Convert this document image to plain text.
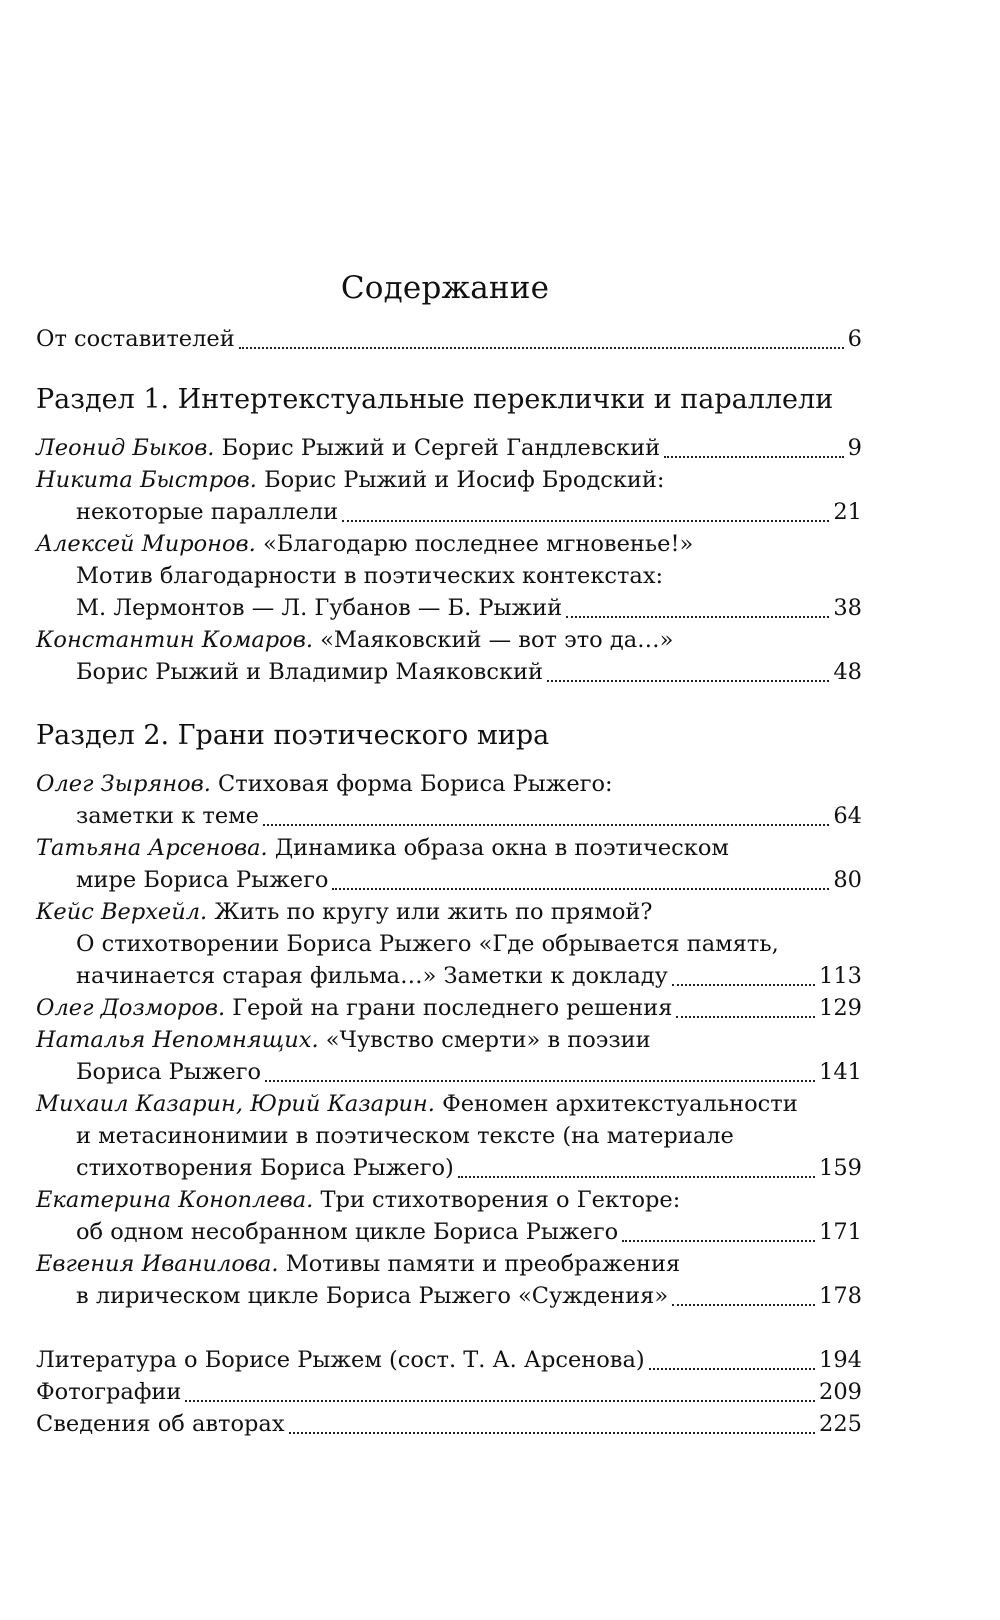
Содержание
От составителей	6
Леонид Быков.
Борис Рыжий и Сергей Гандлевский	9
Никита Быстров.
Борис Рыжий и Иосиф Бродский:
некоторые параллели	21
Алексей Миронов.
«Благодарю последнее мгновенье!»
Мотив благодарности в поэтических контекстах:
М. Лермонтов — Л. Губанов — Б. Рыжий	38
Константин Комаров.
«Маяковский — вот это да…»
Борис Рыжий и Владимир Маяковский	48
Олег Зырянов.
Стиховая форма Бориса Рыжего:
заметки к теме	64
Татьяна Арсенова.
Динамика образа окна в поэтическом
мире Бориса Рыжего	80
Кейс Верхейл.
Жить по кругу или жить по прямой?
О стихотворении Бориса Рыжего «Где обрывается память,
начинается старая фильма…» Заметки к докладу	113
Олег Дозморов.
Герой на грани последнего решения	129
Наталья Непомнящих.
«Чувство смерти» в поэзии
Бориса Рыжего	141
Михаил Казарин, Юрий Казарин.
Феномен архитекстуальности
и метасинонимии в поэтическом тексте (на материале
стихотворения Бориса Рыжего)	159
Екатерина Коноплева.
Три стихотворения о Гекторе:
об одном несобранном цикле Бориса Рыжего	171
Евгения Иванилова.
Мотивы памяти и преображения
в лирическом цикле Бориса Рыжего «Суждения»	178
Литература о Борисе Рыжем (сост. Т. А. Арсенова)	194
Фотографии	209
Сведения об авторах	225
Раздел 1. Интертекстуальные переклички и параллели
Раздел 2. Грани поэтического мира
